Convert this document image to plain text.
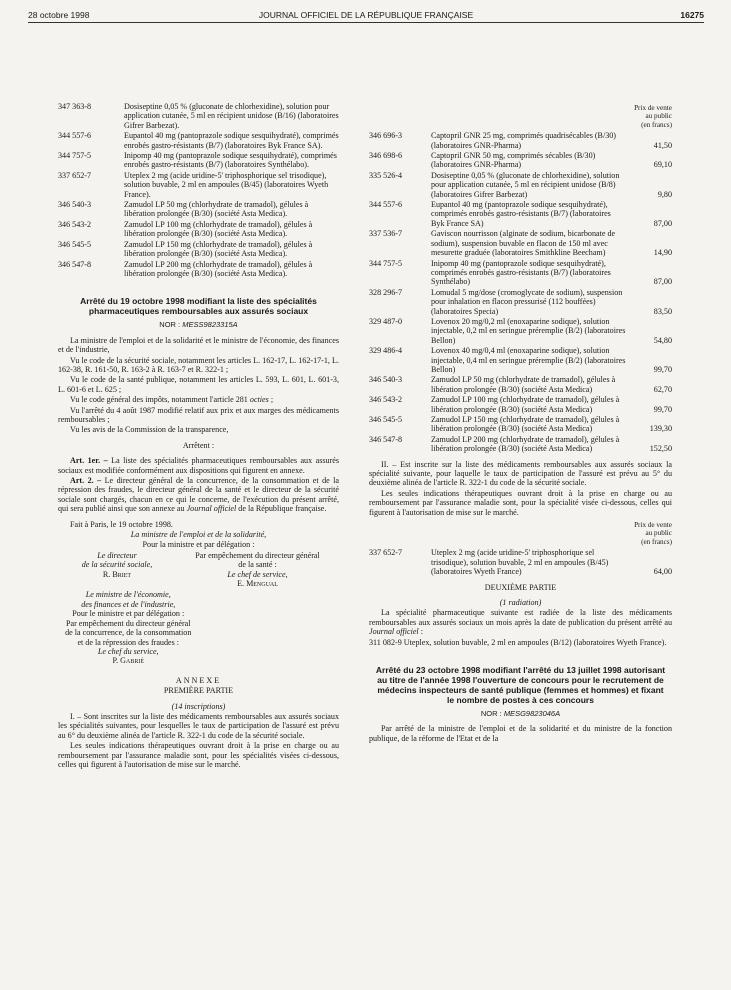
28 octobre 1998	JOURNAL OFFICIEL DE LA RÉPUBLIQUE FRANÇAISE	16275
347 363-8	Dosiseptine 0,05 % (gluconate de chlorhexidine), solution pour application cutanée, 5 ml en récipient unidose (B/16) (laboratoires Gifrer Barbezat).
344 557-6	Eupantol 40 mg (pantoprazole sodique sesquihydraté), comprimés enrobés gastro-résistants (B/7) (laboratoires Byk France SA).
344 757-5	Inipomp 40 mg (pantoprazole sodique sesquihydraté), comprimés enrobés gastro-résistants (B/7) (laboratoires Synthélabo).
337 652-7	Uteplex 2 mg (acide uridine-5' triphosphorique sel trisodique), solution buvable, 2 ml en ampoules (B/45) (laboratoires Wyeth France).
346 540-3	Zamudol LP 50 mg (chlorhydrate de tramadol), gélules à libération prolongée (B/30) (société Asta Medica).
346 543-2	Zamudol LP 100 mg (chlorhydrate de tramadol), gélules à libération prolongée (B/30) (société Asta Medica).
346 545-5	Zamudol LP 150 mg (chlorhydrate de tramadol), gélules à libération prolongée (B/30) (société Asta Medica).
346 547-8	Zamudol LP 200 mg (chlorhydrate de tramadol), gélules à libération prolongée (B/30) (société Asta Medica).
Arrêté du 19 octobre 1998 modifiant la liste des spécialités pharmaceutiques remboursables aux assurés sociaux
NOR : MESS9823315A

La ministre de l'emploi et de la solidarité et le ministre de l'économie, des finances et de l'industrie,

Vu le code de la sécurité sociale, notamment les articles L. 162-17, L. 162-17-1, L. 162-38, R. 161-50, R. 163-2 à R. 163-7 et R. 322-1 ;

Vu le code de la santé publique, notamment les articles L. 593, L. 601, L. 601-3, L. 601-6 et L. 625 ;

Vu le code général des impôts, notamment l'article 281 octies ;

Vu l'arrêté du 4 août 1987 modifié relatif aux prix et aux marges des médicaments remboursables ;

Vu les avis de la Commission de la transparence,

Arrêtent :

Art. 1er. – La liste des spécialités pharmaceutiques remboursables aux assurés sociaux est modifiée conformément aux dispositions qui figurent en annexe.

Art. 2. – Le directeur général de la concurrence, de la consommation et de la répression des fraudes, le directeur général de la santé et le directeur de la sécurité sociale sont chargés, chacun en ce qui le concerne, de l'exécution du présent arrêté, qui sera publié ainsi que son annexe au Journal officiel de la République française.

Fait à Paris, le 19 octobre 1998.

La ministre de l'emploi et de la solidarité,

Pour la ministre et par délégation :

Le directeur
de la sécurité sociale,
R. Briet
Par empêchement du directeur général
de la santé :
Le chef de service,
E. Mengual
Le ministre de l'économie,
des finances et de l'industrie,
Pour le ministre et par délégation :
Par empêchement du directeur général
de la concurrence, de la consommation
et de la répression des fraudes :
Le chef du service,
P. Gabrié

ANNEXE

PREMIÈRE PARTIE

(14 inscriptions)

I. – Sont inscrites sur la liste des médicaments remboursables aux assurés sociaux les spécialités suivantes, pour lesquelles le taux de participation de l'assuré est prévu au 6° du deuxième alinéa de l'article R. 322-1 du code de la sécurité sociale.

Les seules indications thérapeutiques ouvrant droit à la prise en charge ou au remboursement par l'assurance maladie sont, pour les spécialités visées ci-dessous, celles qui figurent à l'autorisation de mise sur le marché.

Prix de vente
au public
(en francs)
346 696-3	Captopril GNR 25 mg, comprimés quadrisécables (B/30) (laboratoires GNR-Pharma)	41,50
346 698-6	Captopril GNR 50 mg, comprimés sécables (B/30) (laboratoires GNR-Pharma)	69,10
335 526-4	Dosiseptine 0,05 % (gluconate de chlorhexidine), solution pour application cutanée, 5 ml en récipient unidose (B/8) (laboratoires Gifrer Barbezat)	9,80
344 557-6	Eupantol 40 mg (pantoprazole sodique sesquihydraté), comprimés enrobés gastro-résistants (B/7) (laboratoires Byk France SA)	87,00
337 536-7	Gaviscon nourrisson (alginate de sodium, bicarbonate de sodium), suspension buvable en flacon de 150 ml avec mesurette graduée (laboratoires Smithkline Beecham)	14,90
344 757-5	Inipomp 40 mg (pantoprazole sodique sesquihydraté), comprimés enrobés gastro-résistants (B/7) (laboratoires Synthélabo)	87,00
328 296-7	Lomudal 5 mg/dose (cromoglycate de sodium), suspension pour inhalation en flacon pressurisé (112 bouffées) (laboratoires Specia)	83,50
329 487-0	Lovenox 20 mg/0,2 ml (enoxaparine sodique), solution injectable, 0,2 ml en seringue préremplie (B/2) (laboratoires Bellon)	54,80
329 486-4	Lovenox 40 mg/0,4 ml (enoxaparine sodique), solution injectable, 0,4 ml en seringue préremplie (B/2) (laboratoires Bellon)	99,70
346 540-3	Zamudol LP 50 mg (chlorhydrate de tramadol), gélules à libération prolongée (B/30) (société Asta Medica)	62,70
346 543-2	Zamudol LP 100 mg (chlorhydrate de tramadol), gélules à libération prolongée (B/30) (société Asta Medica)	99,70
346 545-5	Zamudol LP 150 mg (chlorhydrate de tramadol), gélules à libération prolongée (B/30) (société Asta Medica)	139,30
346 547-8	Zamudol LP 200 mg (chlorhydrate de tramadol), gélules à libération prolongée (B/30) (société Asta Medica)	152,50

II. – Est inscrite sur la liste des médicaments remboursables aux assurés sociaux la spécialité suivante, pour laquelle le taux de participation de l'assuré est prévu au 5° du deuxième alinéa de l'article R. 322-1 du code de la sécurité sociale.

Les seules indications thérapeutiques ouvrant droit à la prise en charge ou au remboursement par l'assurance maladie sont, pour la spécialité visée ci-dessous, celles qui figurent à l'autorisation de mise sur le marché.

Prix de vente
au public
(en francs)
337 652-7	Uteplex 2 mg (acide uridine-5' triphosphorique sel trisodique), solution buvable, 2 ml en ampoules (B/45) (laboratoires Wyeth France)	64,00

DEUXIÈME PARTIE

(1 radiation)

La spécialité pharmaceutique suivante est radiée de la liste des médicaments remboursables aux assurés sociaux un mois après la date de publication du présent arrêté au Journal officiel :

311 082-9 Uteplex, solution buvable, 2 ml en ampoules (B/12) (laboratoires Wyeth France).

Arrêté du 23 octobre 1998 modifiant l'arrêté du 13 juillet 1998 autorisant au titre de l'année 1998 l'ouverture de concours pour le recrutement de médecins inspecteurs de santé publique (femmes et hommes) et fixant le nombre de postes à ces concours
NOR : MESG9823046A

Par arrêté de la ministre de l'emploi et de la solidarité et du ministre de la fonction publique, de la réforme de l'Etat et de la
